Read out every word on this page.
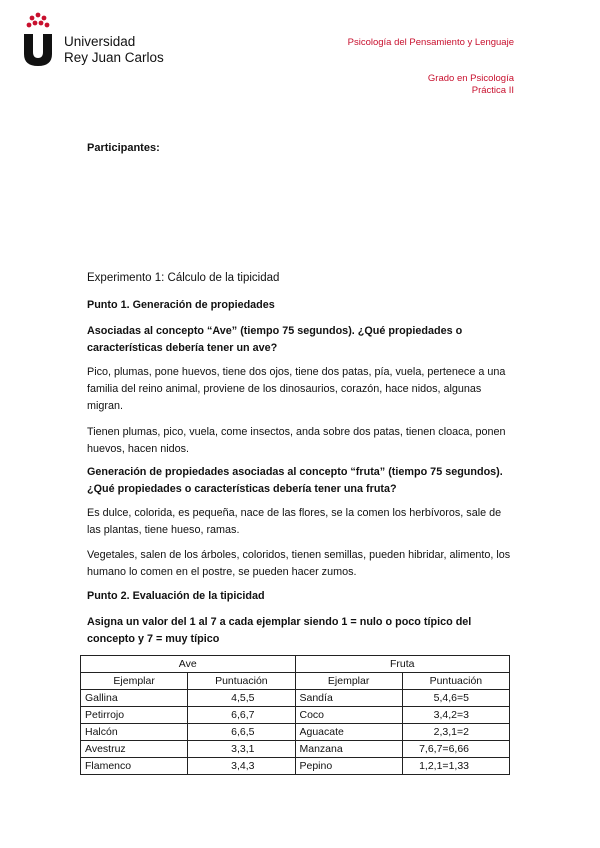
Universidad
Rey Juan Carlos
Psicología del Pensamiento y Lenguaje
Grado en Psicología
Práctica II
Participantes:
Experimento 1: Cálculo de la tipicidad

Punto 1. Generación de propiedades

Asociadas al concepto “Ave” (tiempo 75 segundos). ¿Qué propiedades o características debería tener un ave?

Pico, plumas, pone huevos, tiene dos ojos, tiene dos patas, pía, vuela, pertenece a una familia del reino animal, proviene de los dinosaurios, corazón, hace nidos, algunas migran.

Tienen plumas, pico, vuela, come insectos, anda sobre dos patas, tienen cloaca, ponen huevos, hacen nidos.

Generación de propiedades asociadas al concepto “fruta” (tiempo 75 segundos). ¿Qué propiedades o características debería tener una fruta?

Es dulce, colorida, es pequeña, nace de las flores, se la comen los herbívoros, sale de las plantas, tiene hueso, ramas.

Vegetales, salen de los árboles, coloridos, tienen semillas, pueden hibridar, alimento, los humano lo comen en el postre, se pueden hacer zumos.

Punto 2. Evaluación de la tipicidad

Asigna un valor del 1 al 7 a cada ejemplar siendo 1 = nulo o poco típico del concepto y 7 = muy típico

Ave		Fruta	
Ejemplar	Puntuación	Ejemplar	Puntuación
Gallina	4,5,5	Sandía	5,4,6=5
Petirrojo	6,6,7	Coco	3,4,2=3
Halcón	6,6,5	Aguacate	2,3,1=2
Avestruz	3,3,1	Manzana	7,6,7=6,66
Flamenco	3,4,3	Pepino	1,2,1=1,33
